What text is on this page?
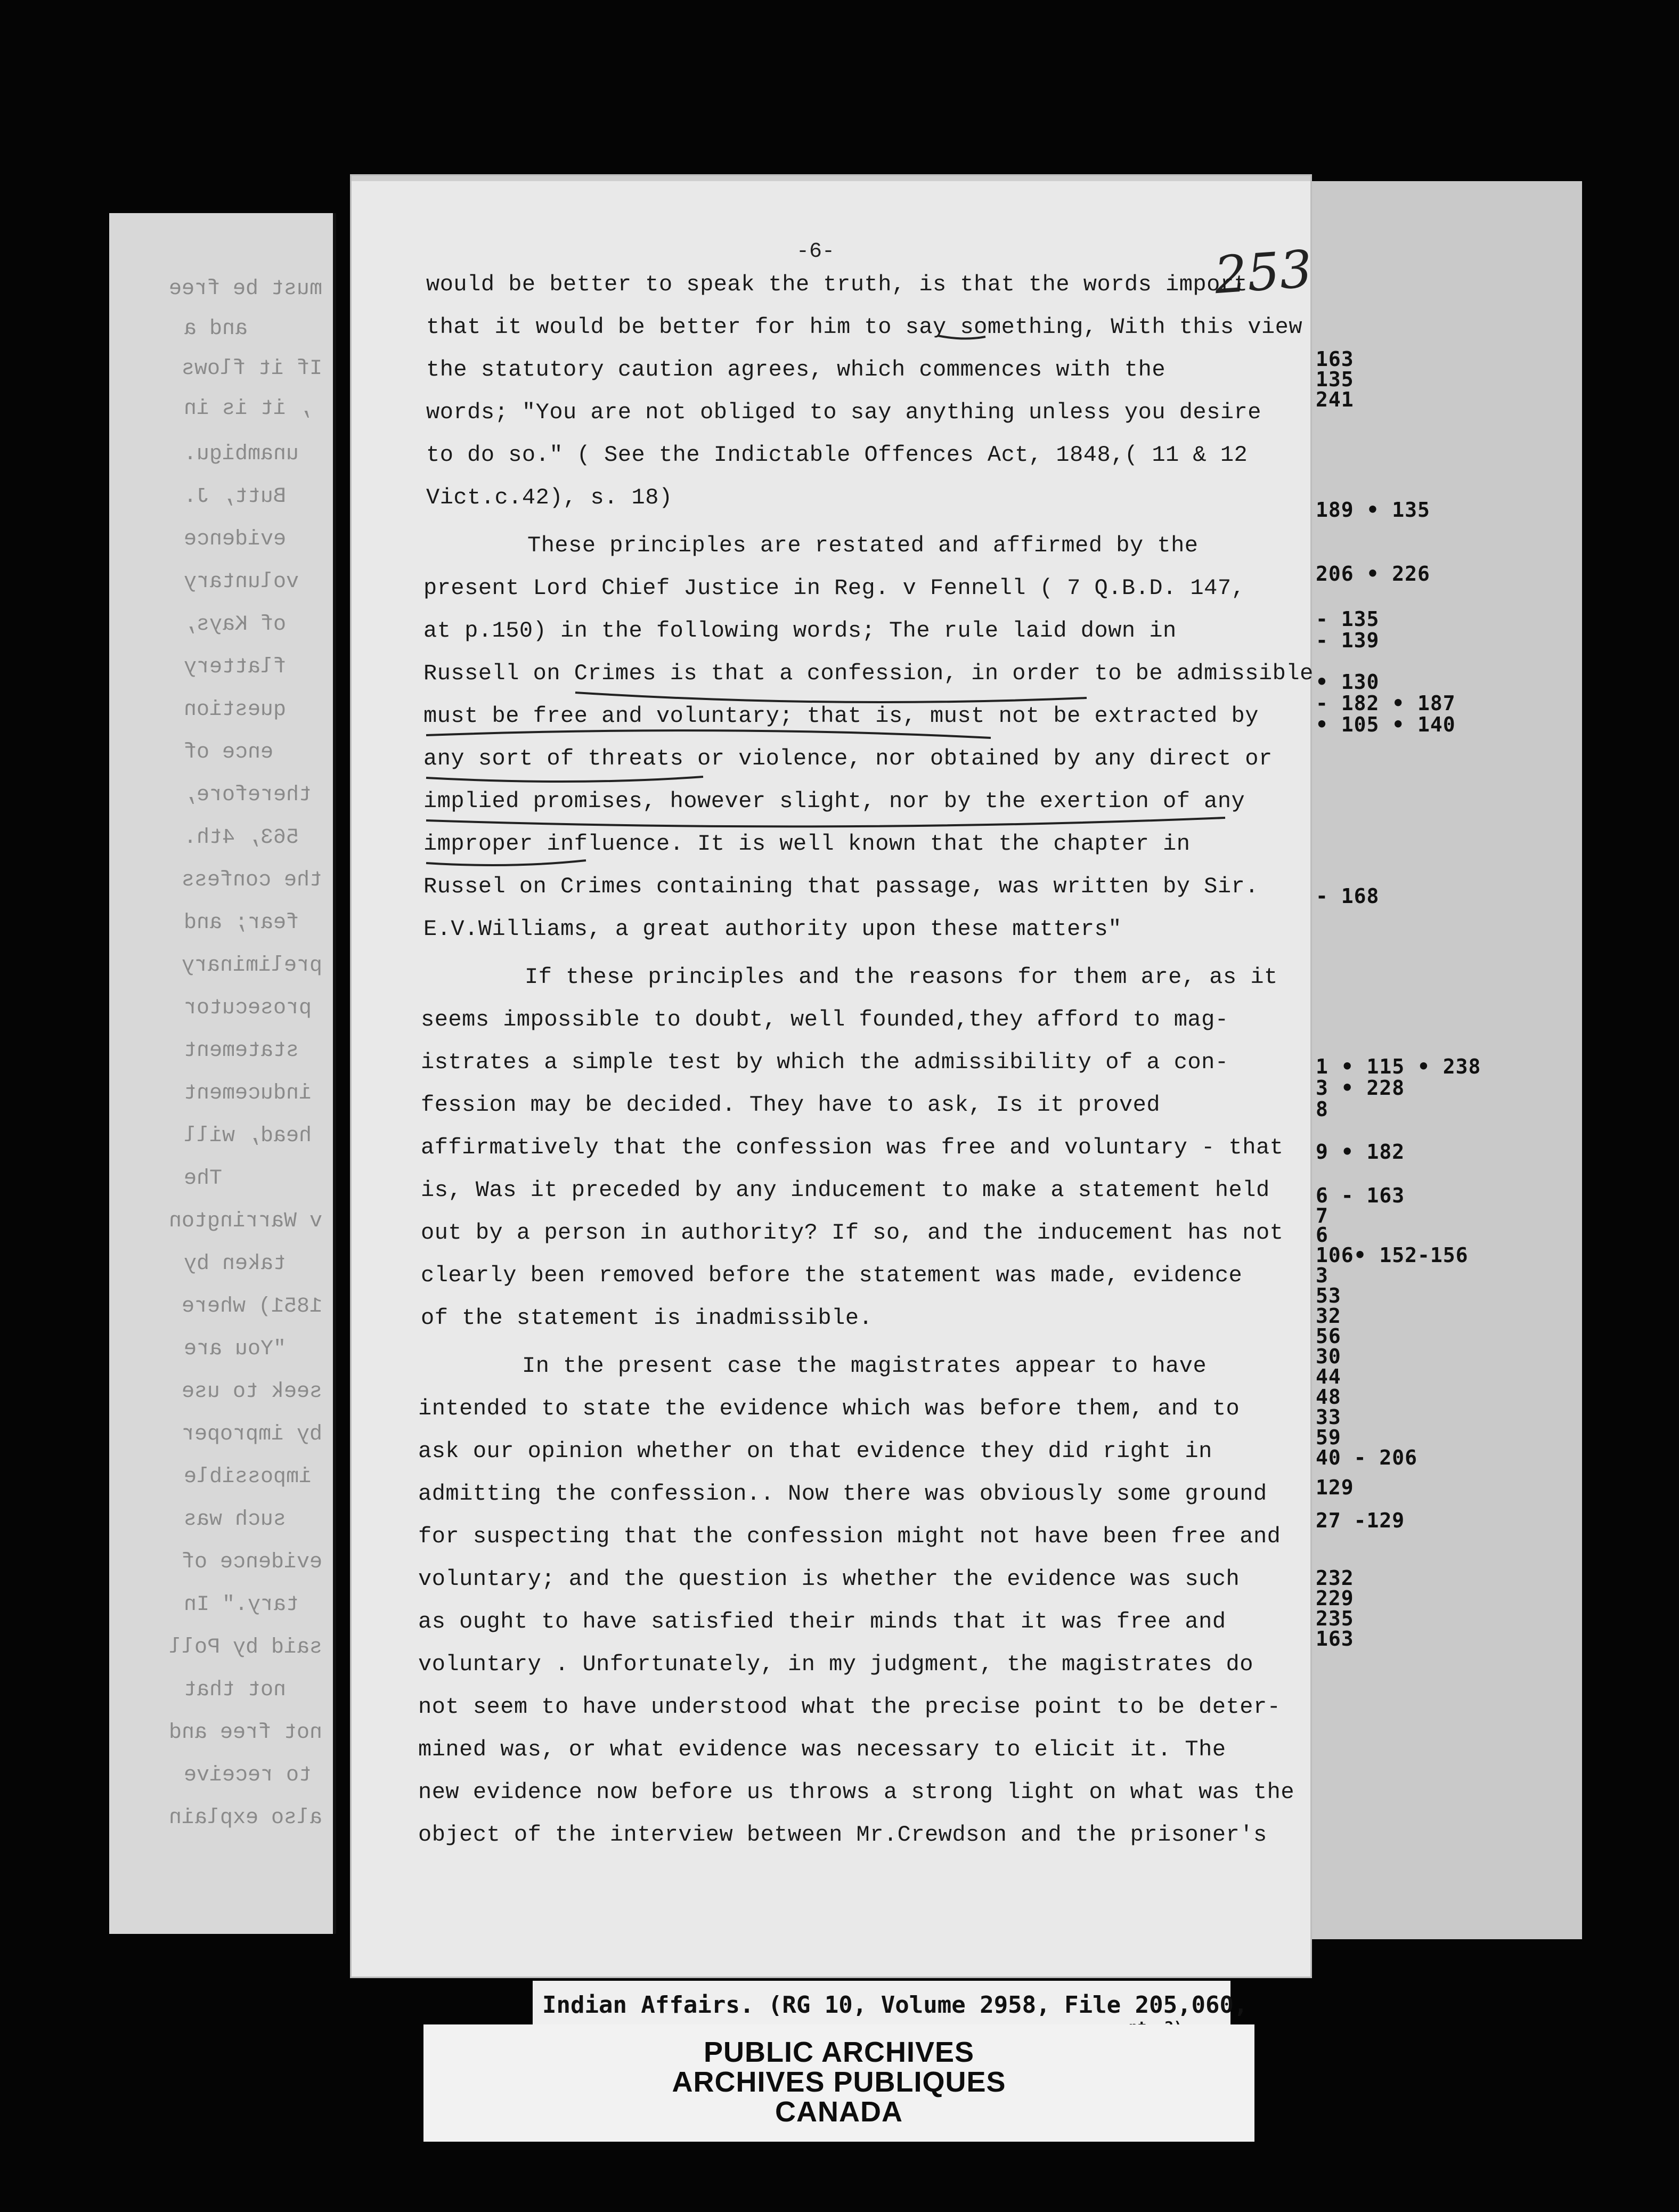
must be free
and a
If it flows
, it is in
unambigu.
Butt, J.
evidence
voluntary
of Kays,
flattery
question
ence of
therefore,
563, 4th.
the confess
fear; and
preliminary
prosecutor
statement
inducement
head, will
The
v Warrington
taken by
1851) where
"You are
seek to use
by improper
impossible
such was
evidence of
tary." In
said by Poll
not that
not free and
to receive
also explain
163
135
241
189 • 135
206 • 226
- 135
- 139
• 130
- 182 • 187
• 105 • 140
- 168
1 • 115 • 238
3 • 228
8
9 • 182
6 - 163
7
6
106• 152-156
3
53
32
56
30
44
48
33
59
40 - 206
129
27 -129
232
229
235
163
-6-	253
would be better to speak the truth, is that the words import
that it would be better for him to say something, With this view
the statutory caution agrees, which commences with the
words; "You are not obliged to say anything unless you desire
to do so." ( See the Indictable Offences Act, 1848,( 11 & 12
Vict.c.42), s. 18)
These principles are restated and affirmed by the
present Lord Chief Justice in Reg. v Fennell ( 7 Q.B.D. 147,
at p.150) in the following words; The rule laid down in
Russell on Crimes is that a confession, in order to be admissible
must be free and voluntary; that is, must not be extracted by
any sort of threats or violence, nor obtained by any direct or
implied promises, however slight, nor by the exertion of any
improper influence. It is well known that the chapter in
Russel on Crimes containing that passage, was written by Sir.
E.V.Williams, a great authority upon these matters"
If these principles and the reasons for them are, as it
seems impossible to doubt, well founded,they afford to mag-
istrates a simple test by which the admissibility of a con-
fession may be decided. They have to ask, Is it proved
affirmatively that the confession was free and voluntary - that
is, Was it preceded by any inducement to make a statement held
out by a person in authority? If so, and the inducement has not
clearly been removed before the statement was made, evidence
of the statement is inadmissible.
In the present case the magistrates appear to have
intended to state the evidence which was before them, and to
ask our opinion whether on that evidence they did right in
admitting the confession.. Now there was obviously some ground
for suspecting that the confession might not have been free and
voluntary; and the question is whether the evidence was such
as ought to have satisfied their minds that it was free and
voluntary . Unfortunately, in my judgment, the magistrates do
not seem to have understood what the precise point to be deter-
mined was, or what evidence was necessary to elicit it. The
new evidence now before us throws a strong light on what was the
object of the interview between Mr.Crewdson and the prisoner's
Indian Affairs. (RG 10, Volume 2958, File 205,060,
PUBLIC ARCHIVES
ARCHIVES PUBLIQUES
CANADA
